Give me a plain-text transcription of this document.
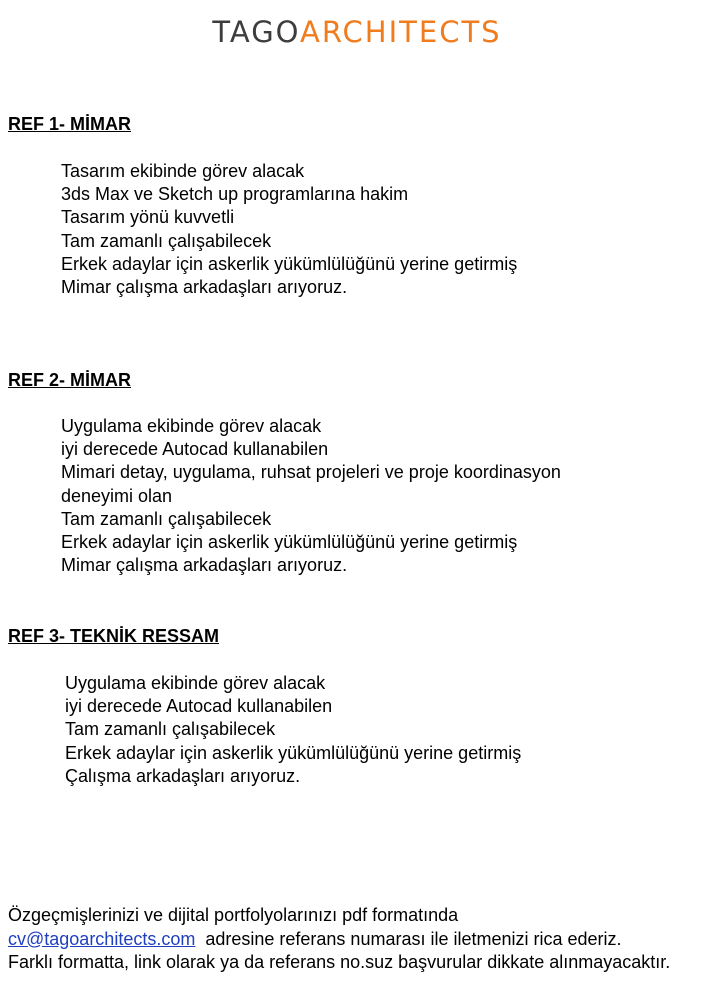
TAGOARCHITECTS
REF 1- MİMAR
Tasarım ekibinde görev alacak
3ds Max ve Sketch up programlarına hakim
Tasarım yönü kuvvetli
Tam zamanlı çalışabilecek
Erkek adaylar için askerlik yükümlülüğünü yerine getirmiş
Mimar çalışma arkadaşları arıyoruz.
REF 2- MİMAR
Uygulama ekibinde görev alacak
iyi derecede Autocad kullanabilen
Mimari detay, uygulama, ruhsat projeleri ve proje koordinasyon deneyimi olan
Tam zamanlı çalışabilecek
Erkek adaylar için askerlik yükümlülüğünü yerine getirmiş
Mimar çalışma arkadaşları arıyoruz.
REF 3- TEKNİK RESSAM
Uygulama ekibinde görev alacak
iyi derecede Autocad kullanabilen
Tam zamanlı çalışabilecek
Erkek adaylar için askerlik yükümlülüğünü yerine getirmiş
Çalışma arkadaşları arıyoruz.
Özgeçmişlerinizi ve dijital portfolyolarınızı pdf formatında
cv@tagoarchitects.com  adresine referans numarası ile iletmenizi rica ederiz.
Farklı formatta, link olarak ya da referans no.suz başvurular dikkate alınmayacaktır.
